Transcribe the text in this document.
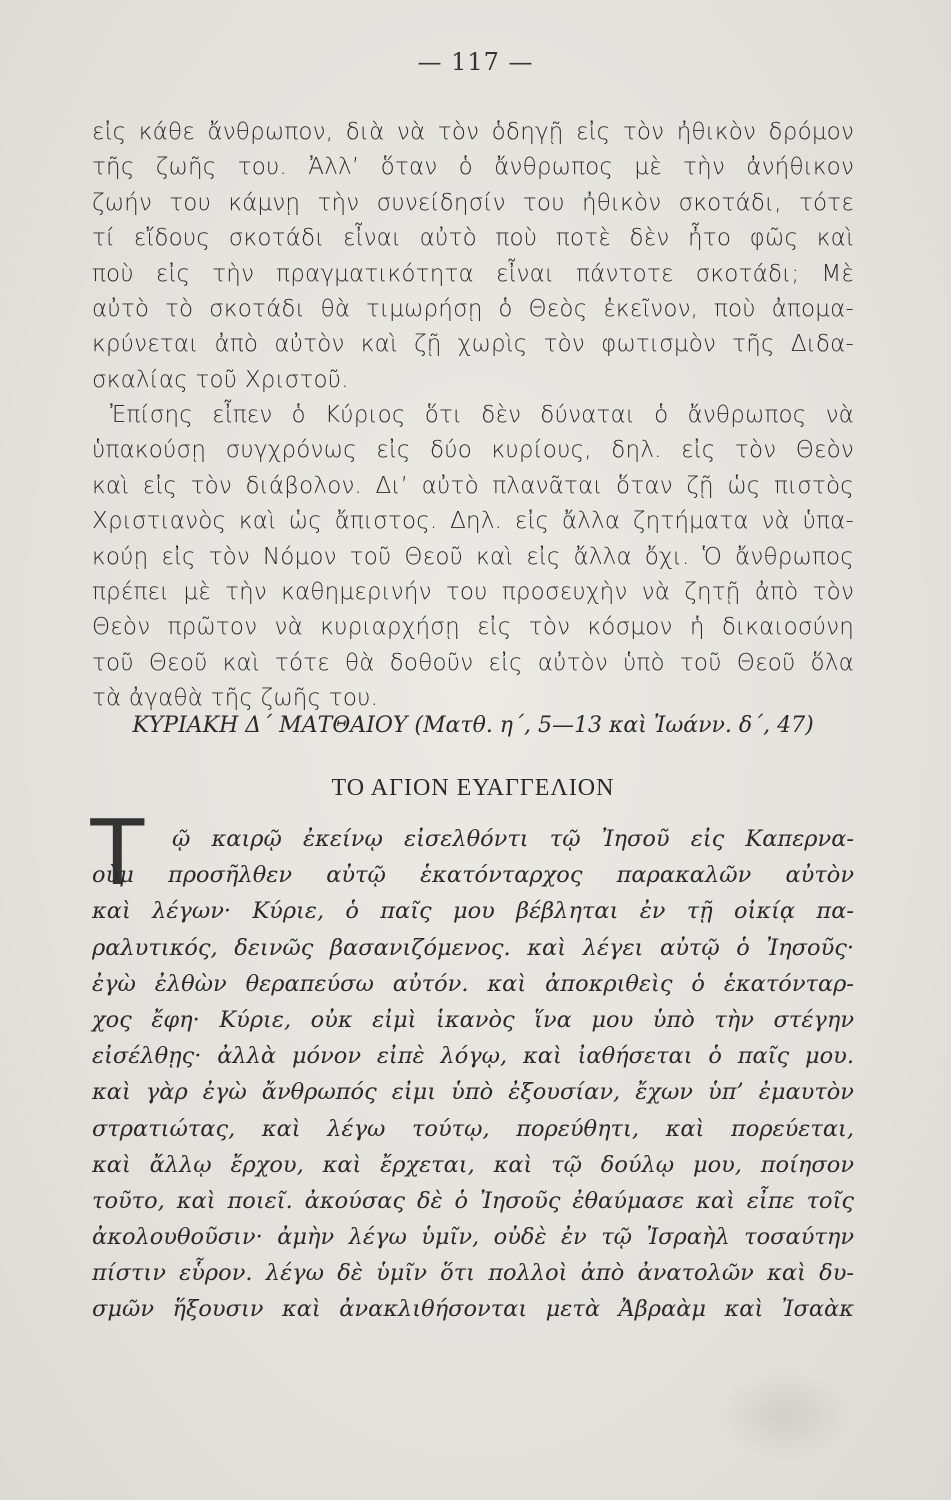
— 117 —
εἰς κάθε ἄνθρωπον, διὰ νὰ τὸν ὁδηγῇ εἰς τὸν ἠθικὸν δρόμον
τῆς ζωῆς του. Ἀλλ’ ὅταν ὁ ἄνθρωπος μὲ τὴν ἀνήθικον
ζωήν του κάμνῃ τὴν συνείδησίν του ἠθικὸν σκοτάδι, τότε
τί εἴδους σκοτάδι εἶναι αὐτὸ ποὺ ποτὲ δὲν ἦτο φῶς καὶ
ποὺ εἰς τὴν πραγματικότητα εἶναι πάντοτε σκοτάδι; Μὲ
αὐτὸ τὸ σκοτάδι θὰ τιμωρήσῃ ὁ Θεὸς ἐκεῖνον, ποὺ ἀπομα-
κρύνεται ἀπὸ αὐτὸν καὶ ζῇ χωρὶς τὸν φωτισμὸν τῆς Διδα-
σκαλίας τοῦ Χριστοῦ.
Ἐπίσης εἶπεν ὁ Κύριος ὅτι δὲν δύναται ὁ ἄνθρωπος νὰ
ὑπακούσῃ συγχρόνως εἰς δύο κυρίους, δηλ. εἰς τὸν Θεὸν
καὶ εἰς τὸν διάβολον. Δι’ αὐτὸ πλανᾶται ὅταν ζῇ ὡς πιστὸς
Χριστιανὸς καὶ ὡς ἄπιστος. Δηλ. εἰς ἄλλα ζητήματα νὰ ὑπα-
κούῃ εἰς τὸν Νόμον τοῦ Θεοῦ καὶ εἰς ἄλλα ὄχι. Ὁ ἄνθρωπος
πρέπει μὲ τὴν καθημερινήν του προσευχὴν νὰ ζητῇ ἀπὸ τὸν
Θεὸν πρῶτον νὰ κυριαρχήσῃ εἰς τὸν κόσμον ἡ δικαιοσύνη
τοῦ Θεοῦ καὶ τότε θὰ δοθοῦν εἰς αὐτὸν ὑπὸ τοῦ Θεοῦ ὅλα
τὰ ἀγαθὰ τῆς ζωῆς του.
ΚΥΡΙΑΚΗ Δ΄ ΜΑΤΘΑΙΟΥ (Ματθ. η΄, 5—13 καὶ Ἰωάνν. δ΄, 47)
ΤΟ ΑΓΙΟΝ ΕΥΑΓΓΕΛΙΟΝ
Τ	ῷ καιρῷ ἐκείνῳ εἰσελθόντι τῷ Ἰησοῦ εἰς Καπερνα-
οὺμ προσῆλθεν αὐτῷ ἑκατόνταρχος παρακαλῶν αὐτὸν
καὶ λέγων· Κύριε, ὁ παῖς μου βέβληται ἐν τῇ οἰκίᾳ πα-
ραλυτικός, δεινῶς βασανιζόμενος. καὶ λέγει αὐτῷ ὁ Ἰησοῦς·
ἐγὼ ἐλθὼν θεραπεύσω αὐτόν. καὶ ἀποκριθεὶς ὁ ἑκατόνταρ-
χος ἔφη· Κύριε, οὐκ εἰμὶ ἱκανὸς ἵνα μου ὑπὸ τὴν στέγην
εἰσέλθῃς· ἀλλὰ μόνον εἰπὲ λόγῳ, καὶ ἰαθήσεται ὁ παῖς μου.
καὶ γὰρ ἐγὼ ἄνθρωπός εἰμι ὑπὸ ἐξουσίαν, ἔχων ὑπ’ ἐμαυτὸν
στρατιώτας, καὶ λέγω τούτῳ, πορεύθητι, καὶ πορεύεται,
καὶ ἄλλῳ ἔρχου, καὶ ἔρχεται, καὶ τῷ δούλῳ μου, ποίησον
τοῦτο, καὶ ποιεῖ. ἀκούσας δὲ ὁ Ἰησοῦς ἐθαύμασε καὶ εἶπε τοῖς
ἀκολουθοῦσιν· ἀμὴν λέγω ὑμῖν, οὐδὲ ἐν τῷ Ἰσραὴλ τοσαύτην
πίστιν εὗρον. λέγω δὲ ὑμῖν ὅτι πολλοὶ ἀπὸ ἀνατολῶν καὶ δυ-
σμῶν ἥξουσιν καὶ ἀνακλιθήσονται μετὰ Ἀβραὰμ καὶ Ἰσαὰκ
